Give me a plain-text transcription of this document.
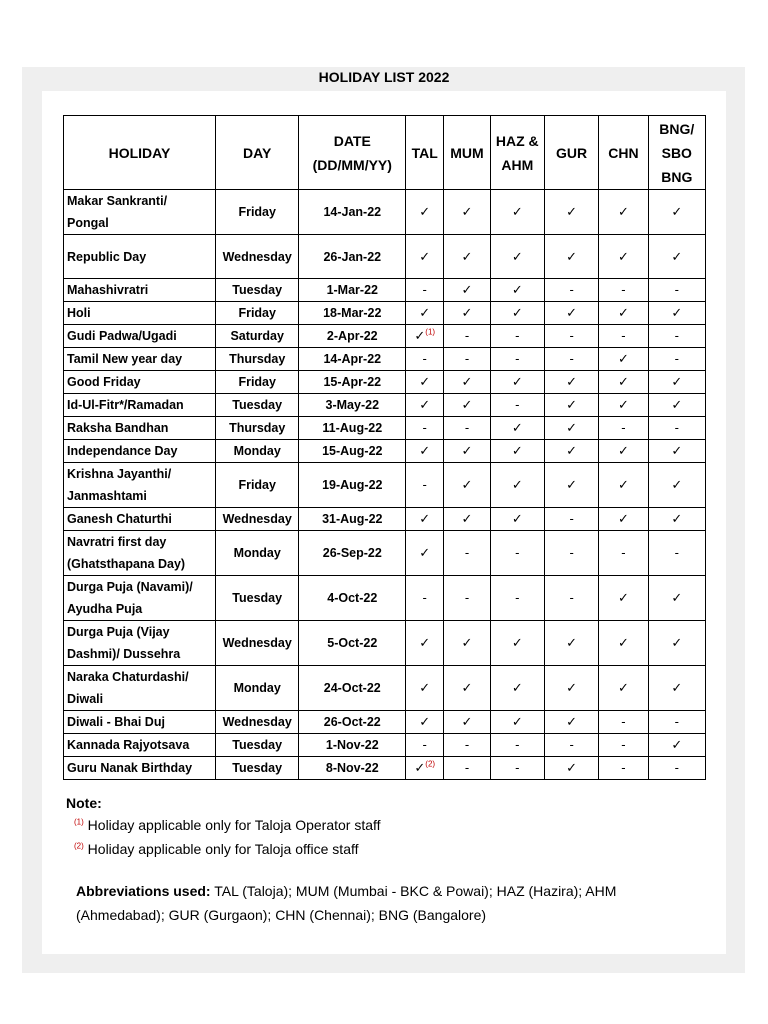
HOLIDAY LIST 2022
HOLIDAY	DAY	DATE (DD/MM/YY)	TAL	MUM	HAZ & AHM	GUR	CHN	BNG/ SBO BNG
Makar Sankranti/ Pongal	Friday	14-Jan-22	✓	✓	✓	✓	✓	✓
Republic Day	Wednesday	26-Jan-22	✓	✓	✓	✓	✓	✓
Mahashivratri	Tuesday	1-Mar-22	-	✓	✓	-	-	-
Holi	Friday	18-Mar-22	✓	✓	✓	✓	✓	✓
Gudi Padwa/Ugadi	Saturday	2-Apr-22	✓$^{(1)}$	-	-	-	-	-
Tamil New year day	Thursday	14-Apr-22	-	-	-	-	✓	-
Good Friday	Friday	15-Apr-22	✓	✓	✓	✓	✓	✓
Id-Ul-Fitr*/Ramadan	Tuesday	3-May-22	✓	✓	-	✓	✓	✓
Raksha Bandhan	Thursday	11-Aug-22	-	-	✓	✓	-	-
Independance Day	Monday	15-Aug-22	✓	✓	✓	✓	✓	✓
Krishna Jayanthi/ Janmashtami	Friday	19-Aug-22	-	✓	✓	✓	✓	✓
Ganesh Chaturthi	Wednesday	31-Aug-22	✓	✓	✓	-	✓	✓
Navratri first day (Ghatsthapana Day)	Monday	26-Sep-22	✓	-	-	-	-	-
Durga Puja (Navami)/ Ayudha Puja	Tuesday	4-Oct-22	-	-	-	-	✓	✓
Durga Puja (Vijay Dashmi)/ Dussehra	Wednesday	5-Oct-22	✓	✓	✓	✓	✓	✓
Naraka Chaturdashi/ Diwali	Monday	24-Oct-22	✓	✓	✓	✓	✓	✓
Diwali - Bhai Duj	Wednesday	26-Oct-22	✓	✓	✓	✓	-	-
Kannada Rajyotsava	Tuesday	1-Nov-22	-	-	-	-	-	✓
Guru Nanak Birthday	Tuesday	8-Nov-22	✓$^{(2)}$	-	-	✓	-	-
Note:
$^{(1)}$ Holiday applicable only for Taloja Operator staff
$^{(2)}$ Holiday applicable only for Taloja office staff
Abbreviations used: TAL (Taloja); MUM (Mumbai - BKC & Powai); HAZ (Hazira); AHM (Ahmedabad); GUR (Gurgaon); CHN (Chennai); BNG (Bangalore)
